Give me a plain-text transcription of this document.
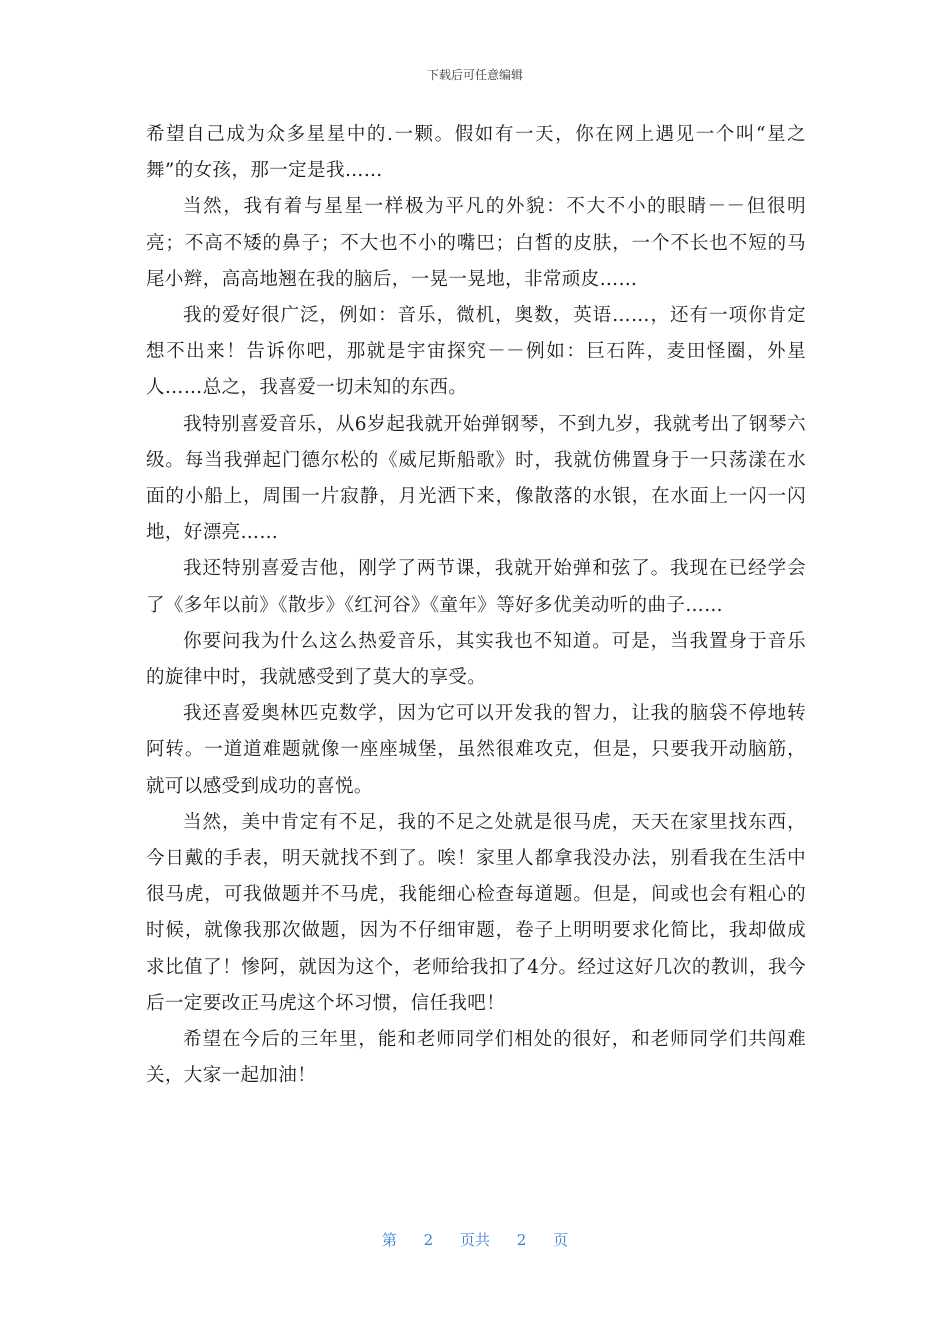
下载后可任意编辑

希望自己成为众多星星中的.一颗。假如有一天，你在网上遇见一个叫“星之舞”的女孩，那一定是我……

当然，我有着与星星一样极为平凡的外貌：不大不小的眼睛－－但很明亮；不高不矮的鼻子；不大也不小的嘴巴；白皙的皮肤，一个不长也不短的马尾小辫，高高地翘在我的脑后，一晃一晃地，非常顽皮……

我的爱好很广泛，例如：音乐，微机，奥数，英语……，还有一项你肯定想不出来！告诉你吧，那就是宇宙探究－－例如：巨石阵，麦田怪圈，外星人……总之，我喜爱一切未知的东西。

我特别喜爱音乐，从6岁起我就开始弹钢琴，不到九岁，我就考出了钢琴六级。每当我弹起门德尔松的《威尼斯船歌》时，我就仿佛置身于一只荡漾在水面的小船上，周围一片寂静，月光洒下来，像散落的水银，在水面上一闪一闪地，好漂亮……

我还特别喜爱吉他，刚学了两节课，我就开始弹和弦了。我现在已经学会了《多年以前》《散步》《红河谷》《童年》等好多优美动听的曲子……

你要问我为什么这么热爱音乐，其实我也不知道。可是，当我置身于音乐的旋律中时，我就感受到了莫大的享受。

我还喜爱奥林匹克数学，因为它可以开发我的智力，让我的脑袋不停地转阿转。一道道难题就像一座座城堡，虽然很难攻克，但是，只要我开动脑筋，就可以感受到成功的喜悦。

当然，美中肯定有不足，我的不足之处就是很马虎，天天在家里找东西，今日戴的手表，明天就找不到了。唉！家里人都拿我没办法，别看我在生活中很马虎，可我做题并不马虎，我能细心检查每道题。但是，间或也会有粗心的时候，就像我那次做题，因为不仔细审题，卷子上明明要求化简比，我却做成求比值了！惨阿，就因为这个，老师给我扣了4分。经过这好几次的教训，我今后一定要改正马虎这个坏习惯，信任我吧！

希望在今后的三年里，能和老师同学们相处的很好，和老师同学们共闯难关，大家一起加油！

第 2 页共 2 页
